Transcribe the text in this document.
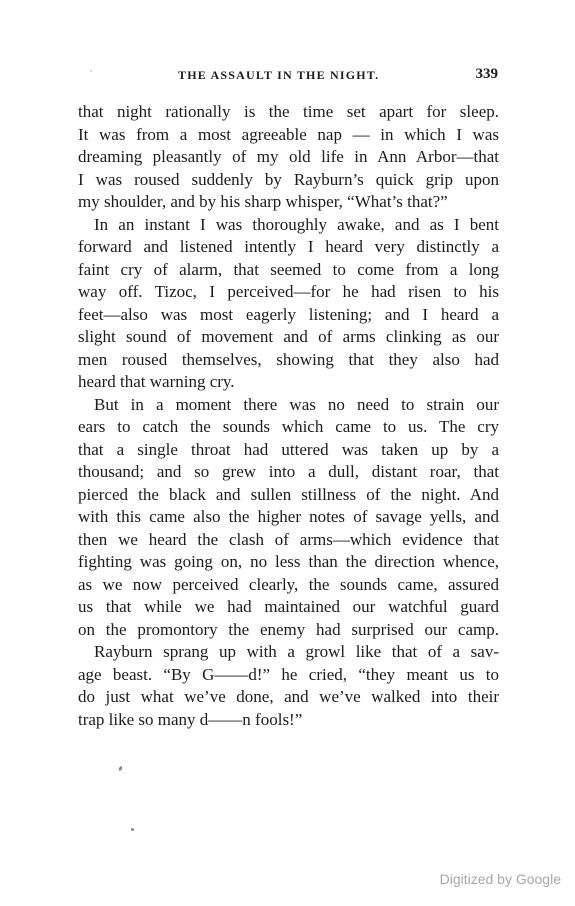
THE ASSAULT IN THE NIGHT.	339
that night rationally is the time set apart for sleep.
It was from a most agreeable nap — in which I was
dreaming pleasantly of my old life in Ann Arbor—that
I was roused suddenly by Rayburn’s quick grip upon
my shoulder, and by his sharp whisper, “What’s that?”
In an instant I was thoroughly awake, and as I bent
forward and listened intently I heard very distinctly a
faint cry of alarm, that seemed to come from a long
way off. Tizoc, I perceived—for he had risen to his
feet—also was most eagerly listening; and I heard a
slight sound of movement and of arms clinking as our
men roused themselves, showing that they also had
heard that warning cry.
But in a moment there was no need to strain our
ears to catch the sounds which came to us. The cry
that a single throat had uttered was taken up by a
thousand; and so grew into a dull, distant roar, that
pierced the black and sullen stillness of the night. And
with this came also the higher notes of savage yells, and
then we heard the clash of arms—which evidence that
fighting was going on, no less than the direction whence,
as we now perceived clearly, the sounds came, assured
us that while we had maintained our watchful guard
on the promontory the enemy had surprised our camp.
Rayburn sprang up with a growl like that of a sav-
age beast. “By G——d!” he cried, “they meant us to
do just what we’ve done, and we’ve walked into their
trap like so many d——n fools!”
Digitized by Google
